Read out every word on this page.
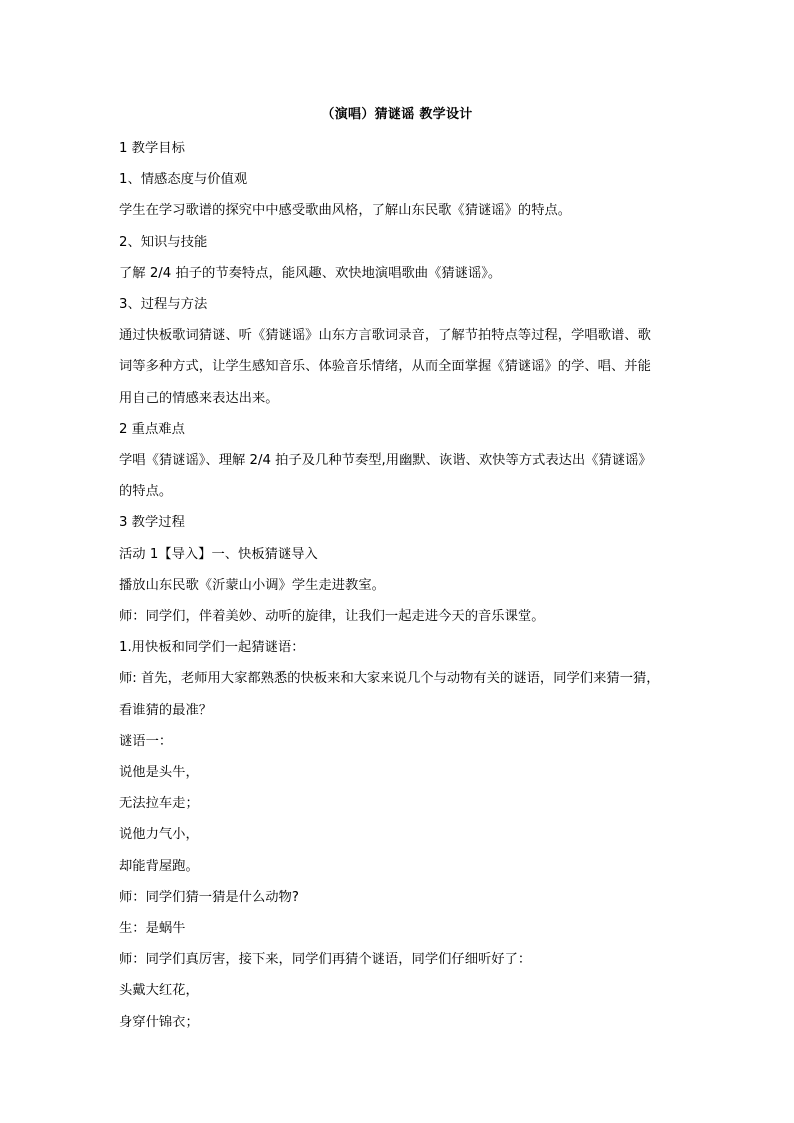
（演唱）猜谜谣 教学设计
1 教学目标
1、情感态度与价值观
学生在学习歌谱的探究中中感受歌曲风格，了解山东民歌《猜谜谣》的特点。
2、知识与技能
了解 2/4 拍子的节奏特点，能风趣、欢快地演唱歌曲《猜谜谣》。
3、过程与方法
通过快板歌词猜谜、听《猜谜谣》山东方言歌词录音，了解节拍特点等过程，学唱歌谱、歌
词等多种方式，让学生感知音乐、体验音乐情绪，从而全面掌握《猜谜谣》的学、唱、并能
用自己的情感来表达出来。
2 重点难点
学唱《猜谜谣》、理解 2/4 拍子及几种节奏型,用幽默、诙谐、欢快等方式表达出《猜谜谣》
的特点。
3 教学过程
活动 1【导入】一、快板猜谜导入
播放山东民歌《沂蒙山小调》学生走进教室。
师：同学们，伴着美妙、动听的旋律，让我们一起走进今天的音乐课堂。
1.用快板和同学们一起猜谜语：
师: 首先，老师用大家都熟悉的快板来和大家来说几个与动物有关的谜语，同学们来猜一猜，
看谁猜的最准？
谜语一：
说他是头牛，
无法拉车走；
说他力气小，
却能背屋跑。
师：同学们猜一猜是什么动物?
生：是蜗牛
师：同学们真厉害，接下来，同学们再猜个谜语，同学们仔细听好了：
头戴大红花，
身穿什锦衣；
